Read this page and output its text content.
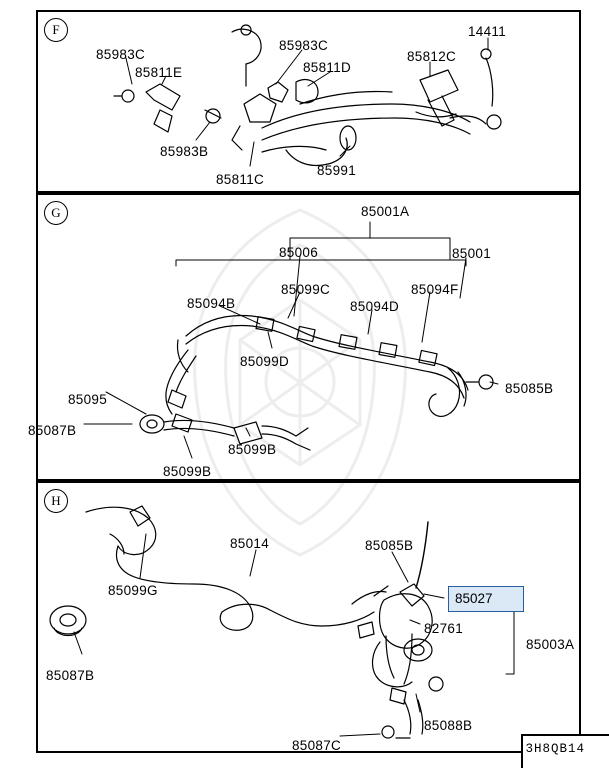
F
G
H
85983C
85811E
85983C
85811D
85812C
14411
85983B
85811C
85991
85001A
85006	85001
85099C	85094F
85094B	85094D
85099D
85085B
85095
85087B
85099B
85099B
85014	85085B
85099G
82761
85003A
85087B
85088B
85087C
85027
3H8QB14
